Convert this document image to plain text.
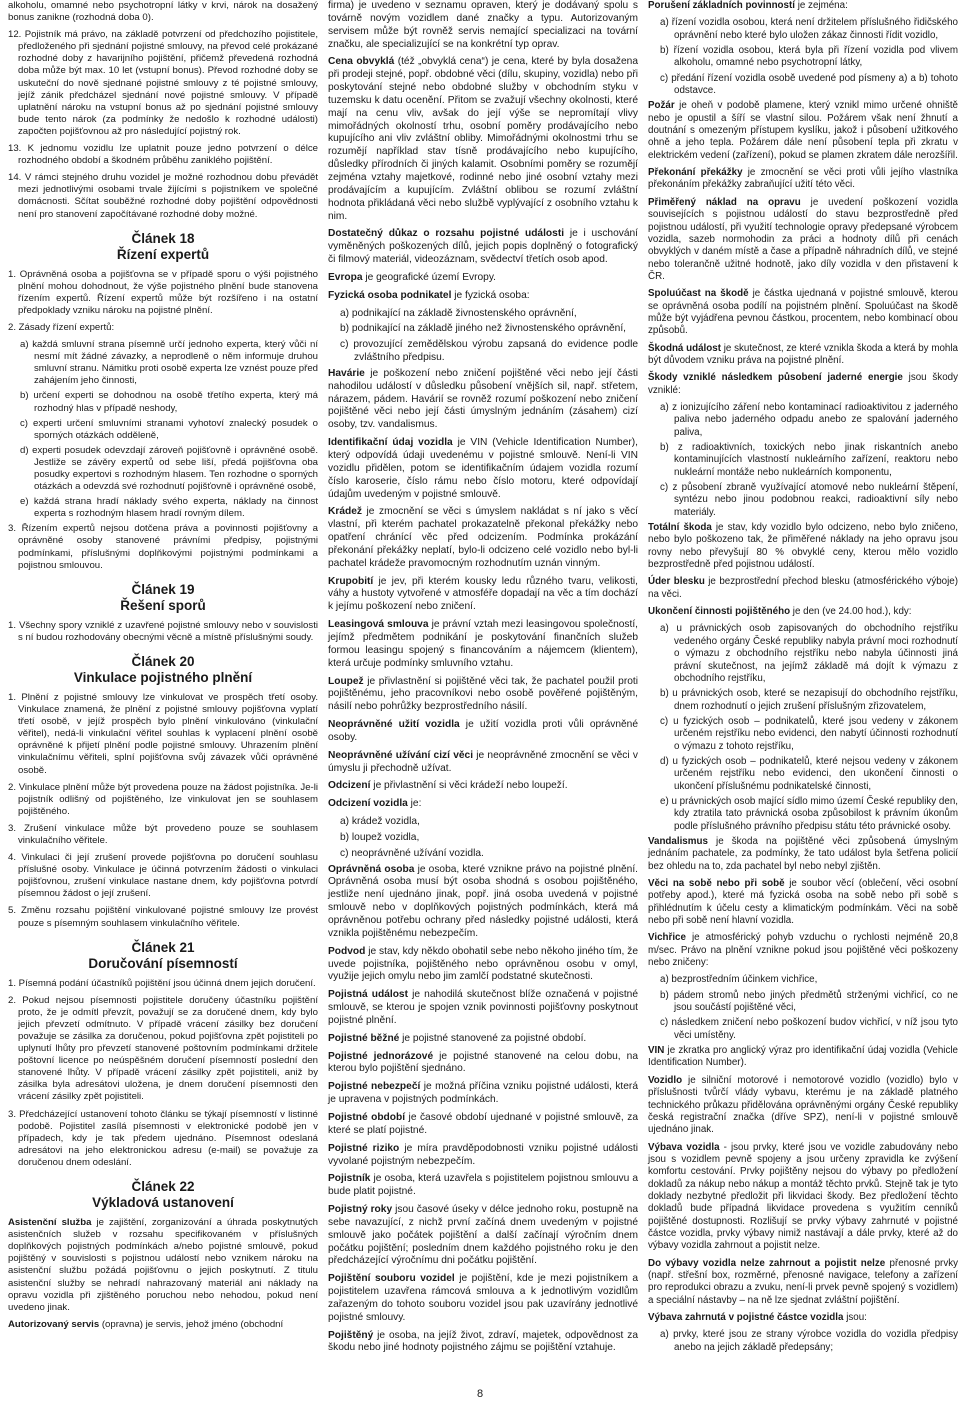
alkoholu, omamné nebo psychotropní látky v krvi, nárok na dosažený bonus zanikne (rozhodná doba 0).

12. Pojistník má právo, na základě potvrzení od předchozího pojistitele, předloženého při sjednání pojistné smlouvy, na převod celé prokázané rozhodné doby z havarijního pojištění, přičemž převedená rozhodná doba může být max. 10 let (vstupní bonus). Převod rozhodné doby se uskuteční do nově sjednané pojistné smlouvy z té pojistné smlouvy, jejíž zánik předcházel sjednání nové pojistné smlouvy. V případě uplatnění nároku na vstupní bonus až po sjednání pojistné smlouvy bude tento nárok (za podmínky že nedošlo k rozhodné události) započten pojišťovnou až pro následující pojistný rok.
13. K jednomu vozidlu lze uplatnit pouze jedno potvrzení o délce rozhodného období a škodném průběhu zaniklého pojištění.
14. V rámci stejného druhu vozidel je možné rozhodnou dobu převádět mezi jednotlivými osobami trvale žijícími s pojistníkem ve společné domácnosti. Sčítat souběžné rozhodné doby pojištění odpovědnosti není pro stanovení započítávané rozhodné doby možné.
Článek 18
Řízení expertů
1. Oprávněná osoba a pojišťovna se v případě sporu o výši pojistného plnění mohou dohodnout, že výše pojistného plnění bude stanovena řízením expertů. Řízení expertů může být rozšířeno i na ostatní předpoklady vzniku nároku na pojistné plnění.
2. Zásady řízení expertů:
a) každá smluvní strana písemně určí jednoho experta, který vůči ní nesmí mít žádné závazky, a neprodleně o něm informuje druhou smluvní stranu. Námitku proti osobě experta lze vznést pouze před zahájením jeho činnosti,
b) určení experti se dohodnou na osobě třetího experta, který má rozhodný hlas v případě neshody,
c) experti určení smluvními stranami vyhotoví znalecký posudek o sporných otázkách odděleně,
d) experti posudek odevzdají zároveň pojišťovně i oprávněné osobě. Jestliže se závěry expertů od sebe liší, předá pojišťovna oba posudky expertovi s rozhodným hlasem. Ten rozhodne o sporných otázkách a odevzdá své rozhodnutí pojišťovně i oprávněné osobě,
e) každá strana hradí náklady svého experta, náklady na činnost experta s rozhodným hlasem hradí rovným dílem.
3. Řízením expertů nejsou dotčena práva a povinnosti pojišťovny a oprávněné osoby stanovené právními předpisy, pojistnými podmínkami, příslušnými doplňkovými pojistnými podmínkami a pojistnou smlouvou.
Článek 19
Řešení sporů
1. Všechny spory vzniklé z uzavřené pojistné smlouvy nebo v souvislosti s ní budou rozhodovány obecnými věcně a místně příslušnými soudy.
Článek 20
Vinkulace pojistného plnění
1. Plnění z pojistné smlouvy lze vinkulovat ve prospěch třetí osoby. Vinkulace znamená, že plnění z pojistné smlouvy pojišťovna vyplatí třetí osobě, v jejíž prospěch bylo plnění vinkulováno (vinkulační věřitel), nedá-li vinkulační věřitel souhlas k vyplacení plnění osobě oprávněné k přijetí plnění podle pojistné smlouvy. Uhrazením plnění vinkulačnímu věřiteli, splní pojišťovna svůj závazek vůči oprávněné osobě.
2. Vinkulace plnění může být provedena pouze na žádost pojistníka. Je-li pojistník odlišný od pojištěného, lze vinkulovat jen se souhlasem pojištěného.
3. Zrušení vinkulace může být provedeno pouze se souhlasem vinkulačního věřitele.
4. Vinkulaci či její zrušení provede pojišťovna po doručení souhlasu příslušné osoby. Vinkulace je účinná potvrzením žádosti o vinkulaci pojišťovnou, zrušení vinkulace nastane dnem, kdy pojišťovna potvrdí písemnou žádost o její zrušení.
5. Změnu rozsahu pojištění vinkulované pojistné smlouvy lze provést pouze s písemným souhlasem vinkulačního věřitele.
Článek 21
Doručování písemností
1. Písemná podání účastníků pojištění jsou účinná dnem jejich doručení.
2. Pokud nejsou písemnosti pojistitele doručeny účastníku pojištění proto, že je odmítl převzít, považují se za doručené dnem, kdy bylo jejich převzetí odmítnuto. V případě vrácení zásilky bez doručení považuje se zásilka za doručenou, pokud pojišťovna zpět pojistiteli po uplynutí lhůty pro převzetí stanovené poštovním podmínkami držitele poštovní licence po neúspěšném doručení písemností poslední den stanovené lhůty. V případě vrácení zásilky zpět pojistiteli, aniž by zásilka byla adresátovi uložena, je dnem doručení písemnosti den vrácení zásilky zpět pojistiteli.
3. Předcházející ustanovení tohoto článku se týkají písemností v listinné podobě. Pojistitel zasílá písemnosti v elektronické podobě jen v případech, kdy je tak předem ujednáno. Písemnost odeslaná adresátovi na jeho elektronickou adresu (e-mail) se považuje za doručenou dnem odeslání.
Článek 22
Výkladová ustanovení
Asistenční služba je zajištění, zorganizování a úhrada poskytnutých asistenčních služeb v rozsahu specifikovaném v příslušných doplňkových pojistných podmínkách a/nebo pojistné smlouvě, pokud pojištěný v souvislosti s pojistnou událostí nebo vznikem nároku na asistenční službu požádá pojišťovnu o jejich poskytnutí. Z titulu asistenční služby se nehradí nahrazovaný materiál ani náklady na opravu vozidla při zjištěného poruchou nebo nehodou, pokud není uvedeno jinak.
Autorizovaný servis (opravna) je servis, jehož jméno (obchodní
firma) je uvedeno v seznamu opraven, který je dodávaný spolu s továrně novým vozidlem dané značky a typu. Autorizovaným servisem může být rovněž servis nemající specializaci na tovární značku, ale specializující se na konkrétní typ oprav.
Cena obvyklá (též „obvyklá cena“) je cena, které by byla dosažena při prodeji stejné, popř. obdobné věci (dílu, skupiny, vozidla) nebo při poskytování stejné nebo obdobné služby v obchodním styku v tuzemsku k datu ocenění. Přitom se zvažují všechny okolnosti, které mají na cenu vliv, avšak do její výše se nepromítají vlivy mimořádných okolností trhu, osobní poměry prodávajícího nebo kupujícího ani vliv zvláštní obliby. Mimořádnými okolnostmi trhu se rozumějí například stav tísně prodávajícího nebo kupujícího, důsledky přírodních či jiných kalamit. Osobními poměry se rozumějí zejména vztahy majetkové, rodinné nebo jiné osobní vztahy mezi prodávajícím a kupujícím. Zvláštní oblibou se rozumí zvláštní hodnota přikládaná věci nebo službě vyplývající z osobního vztahu k nim.
Dostatečný důkaz o rozsahu pojistné události je i uschování vyměněných poškozených dílů, jejich popis doplněný o fotografický či filmový materiál, videozáznam, svědectví třetích osob apod.
Evropa je geografické území Evropy.
Fyzická osoba podnikatel je fyzická osoba:
a) podnikající na základě živnostenského oprávnění,
b) podnikající na základě jiného než živnostenského oprávnění,
c) provozující zemědělskou výrobu zapsaná do evidence podle zvláštního předpisu.
Havárie je poškození nebo zničení pojištěné věci nebo její části nahodilou událostí v důsledku působení vnějších sil, např. střetem, nárazem, pádem. Havárií se rovněž rozumí poškození nebo zničení pojištěné věci nebo její části úmyslným jednáním (zásahem) cizí osoby, tzv. vandalismus.
Identifikační údaj vozidla je VIN (Vehicle Identification Number), který odpovídá údaji uvedenému v pojistné smlouvě. Není-li VIN vozidlu přidělen, potom se identifikačním údajem vozidla rozumí číslo karoserie, číslo rámu nebo číslo motoru, které odpovídají údajům uvedeným v pojistné smlouvě.
Krádež je zmocnění se věci s úmyslem nakládat s ní jako s věcí vlastní, při kterém pachatel prokazatelně překonal překážky nebo opatření chránící věc před odcizením. Podmínka prokázání překonání překážky neplatí, bylo-li odcizeno celé vozidlo nebo byl-li pachatel krádeže pravomocným rozhodnutím uznán vinným.
Krupobití je jev, při kterém kousky ledu různého tvaru, velikosti, váhy a hustoty vytvořené v atmosféře dopadají na věc a tím dochází k jejímu poškození nebo zničení.
Leasingová smlouva je právní vztah mezi leasingovou společností, jejímž předmětem podnikání je poskytování finančních služeb formou leasingu spojený s financováním a nájemcem (klientem), která určuje podmínky smluvního vztahu.
Loupež je přivlastnění si pojištěné věci tak, že pachatel použil proti pojištěnému, jeho pracovníkovi nebo osobě pověřené pojištěným, násilí nebo pohrůžky bezprostředního násilí.
Neoprávněné užití vozidla je užití vozidla proti vůli oprávněné osoby.
Neoprávněné užívání cizí věci je neoprávněné zmocnění se věci v úmyslu ji přechodně užívat.
Odcizení je přivlastnění si věci krádeží nebo loupeží.
Odcizení vozidla je:
a) krádež vozidla,
b) loupež vozidla,
c) neoprávněné užívání vozidla.
Oprávněná osoba je osoba, které vznikne právo na pojistné plnění. Oprávněná osoba musí být osoba shodná s osobou pojištěného, jestliže není ujednáno jinak, popř. jiná osoba uvedená v pojistné smlouvě nebo v doplňkových pojistných podmínkách, která má oprávněnou potřebu ochrany před následky pojistné události, která vznikla pojištěnému nebezpečím.
Podvod je stav, kdy někdo obohatil sebe nebo někoho jiného tím, že uvede pojistníka, pojištěného nebo oprávněnou osobu v omyl, využije jejich omylu nebo jim zamlčí podstatné skutečnosti.
Pojistná událost je nahodilá skutečnost blíže označená v pojistné smlouvě, se kterou je spojen vznik povinnosti pojišťovny poskytnout pojistné plnění.
Pojistné běžné je pojistné stanovené za pojistné období.
Pojistné jednorázové je pojistné stanovené na celou dobu, na kterou bylo pojištění sjednáno.
Pojistné nebezpečí je možná příčina vzniku pojistné události, která je upravena v pojistných podmínkách.
Pojistné období je časové období ujednané v pojistné smlouvě, za které se platí pojistné.
Pojistné riziko je míra pravděpodobnosti vzniku pojistné události vyvolané pojistným nebezpečím.
Pojistník je osoba, která uzavřela s pojistitelem pojistnou smlouvu a bude platit pojistné.
Pojistný roky jsou časové úseky v délce jednoho roku, postupně na sebe navazující, z nichž první začíná dnem uvedeným v pojistné smlouvě jako počátek pojištění a další začínají výročním dnem počátku pojištění; posledním dnem každého pojistného roku je den předcházející výročnímu dni počátku pojištění.
Pojištění souboru vozidel je pojištění, kde je mezi pojistníkem a pojistitelem uzavřena rámcová smlouva a k jednotlivým vozidlům zařazeným do tohoto souboru vozidel jsou pak uzavírány jednotlivé pojistné smlouvy.
Pojištěný je osoba, na jejíž život, zdraví, majetek, odpovědnost za škodu nebo jiné hodnoty pojistného zájmu se pojištění vztahuje.
Porušení základních povinností je zejména:
a) řízení vozidla osobou, která není držitelem příslušného řidičského oprávnění nebo které bylo uložen zákaz činnosti řídit vozidlo,
b) řízení vozidla osobou, která byla při řízení vozidla pod vlivem alkoholu, omamné nebo psychotropní látky,
c) předání řízení vozidla osobě uvedené pod písmeny a) a b) tohoto odstavce.
Požár je oheň v podobě plamene, který vznikl mimo určené ohniště nebo je opustil a šíří se vlastní silou. Požárem však není žhnutí a doutnání s omezeným přístupem kyslíku, jakož i působení užitkového ohně a jeho tepla. Požárem dále není působení tepla při zkratu v elektrickém vedení (zařízení), pokud se plamen zkratem dále nerozšířil.
Překonání překážky je zmocnění se věci proti vůli jejího vlastníka překonáním překážky zabraňující užití této věci.
Přiměřený náklad na opravu je uvedení poškození vozidla souvisejících s pojistnou událostí do stavu bezprostředně před pojistnou událostí, při využití technologie opravy předepsané výrobcem vozidla, sazeb normohodin za práci a hodnoty dílů při cenách obvyklých v daném místě a čase a případně náhradních dílů, ve stejné nebo tolerančně užitné hodnotě, jako díly vozidla v den přistavení k ČR.
Spoluúčast na škodě je částka ujednaná v pojistné smlouvě, kterou se oprávněná osoba podílí na pojistném plnění. Spoluúčast na škodě může být vyjádřena pevnou částkou, procentem, nebo kombinací obou způsobů.
Škodná událost je skutečnost, ze které vznikla škoda a která by mohla být důvodem vzniku práva na pojistné plnění.
Škody vzniklé následkem působení jaderné energie jsou škody vzniklé:
a) z ionizujícího záření nebo kontaminací radioaktivitou z jaderného paliva nebo jaderného odpadu anebo ze spalování jaderného paliva,
b) z radioaktivních, toxických nebo jinak riskantních anebo kontaminujících vlastností nukleárního zařízení, reaktoru nebo nukleární montáže nebo nukleárních komponentu,
c) z působení zbraně využívající atomové nebo nukleární štěpení, syntézu nebo jinou podobnou reakci, radioaktivní síly nebo materiály.
Totální škoda je stav, kdy vozidlo bylo odcizeno, nebo bylo zničeno, nebo bylo poškozeno tak, že přiměřené náklady na jeho opravu jsou rovny nebo převyšují 80 % obvyklé ceny, kterou mělo vozidlo bezprostředně před pojistnou událostí.
Úder blesku je bezprostřední přechod blesku (atmosférického výboje) na věci.
Ukončení činnosti pojištěného je den (ve 24.00 hod.), kdy:
a) u právnických osob zapisovaných do obchodního rejstříku vedeného orgány České republiky nabyla právní moci rozhodnutí o výmazu z obchodního rejstříku nebo nabyla účinnosti jiná právní skutečnost, na jejímž základě má dojít k výmazu z obchodního rejstříku,
b) u právnických osob, které se nezapisují do obchodního rejstříku, dnem rozhodnutí o jejich zrušení příslušným zřizovatelem,
c) u fyzických osob – podnikatelů, které jsou vedeny v zákonem určeném rejstříku nebo evidenci, den nabytí účinnosti rozhodnutí o výmazu z tohoto rejstříku,
d) u fyzických osob – podnikatelů, které nejsou vedeny v zákonem určeném rejstříku nebo evidenci, den ukončení činnosti o ukončení příslušnému podnikatelské činnosti,
e) u právnických osob mající sídlo mimo území České republiky den, kdy ztratila tato právnická osoba způsobilost k právním úkonům podle příslušného právního předpisu státu této právnické osoby.
Vandalismus je škoda na pojištěné věci způsobená úmyslným jednáním pachatele, za podmínky, že tato událost byla šetřena policií bez ohledu na to, zda pachatel byl nebo nebyl zjištěn.
Věci na sobě nebo při sobě je soubor věcí (oblečení, věci osobní potřeby apod.), které má fyzická osoba na sobě nebo při sobě s přihlédnutím k účelu cesty a klimatickým podmínkám. Věci na sobě nebo při sobě není hlavní vozidla.
Vichřice je atmosférický pohyb vzduchu o rychlosti nejméně 20,8 m/sec. Právo na plnění vznikne pokud jsou pojištěné věci poškozeny nebo zničeny:
a) bezprostředním účinkem vichřice,
b) pádem stromů nebo jiných předmětů strženými vichřicí, co ne jsou součástí pojištěné věci,
c) následkem zničení nebo poškození budov vichřicí, v níž jsou tyto věci umístěny.
VIN je zkratka pro anglický výraz pro identifikační údaj vozidla (Vehicle Identification Number).
Vozidlo je silniční motorové i nemotorové vozidlo (vozidlo) bylo v příslušnosti tvůrčí vlády vybavu, kterému je na základě platného technického průkazu přidělována oprávněnými orgány České republiky česká registrační značka (dříve SPZ), není-li v pojistné smlouvě ujednáno jinak.
Výbava vozidla - jsou prvky, které jsou ve vozidle zabudovány nebo jsou s vozidlem pevně spojeny a jsou určeny zpravidla ke zvýšení komfortu cestování. Prvky pojištěny nejsou do výbavy po předložení dokladů za nákup nebo nákup a montáž těchto prvků. Stejně tak je tyto doklady nezbytné předložit při likvidaci škody. Bez předložení těchto dokladů bude případná likvidace provedena s využitím cenníků pojištěné dostupnosti. Rozlišují se prvky výbavy zahrnuté v pojistné částce vozidla, prvky výbavy nimiž nastávají a dále prvky, které až do výbavy vozidla zahrnout a pojistit nelze.
Do výbavy vozidla nelze zahrnout a pojistit nelze přenosné prvky (např. střešní box, rozměrné, přenosné navigace, telefony a zařízení pro reprodukci obrazu a zvuku, není-li prvek pevně spojený s vozidlem) a speciální nástavby – na ně lze sjednat zvláštní pojištění.
Výbava zahrnutá v pojistné částce vozidla jsou:
a) prvky, které jsou ze strany výrobce vozidla do vozidla předpisy anebo na jejich základě předepsány;
8
